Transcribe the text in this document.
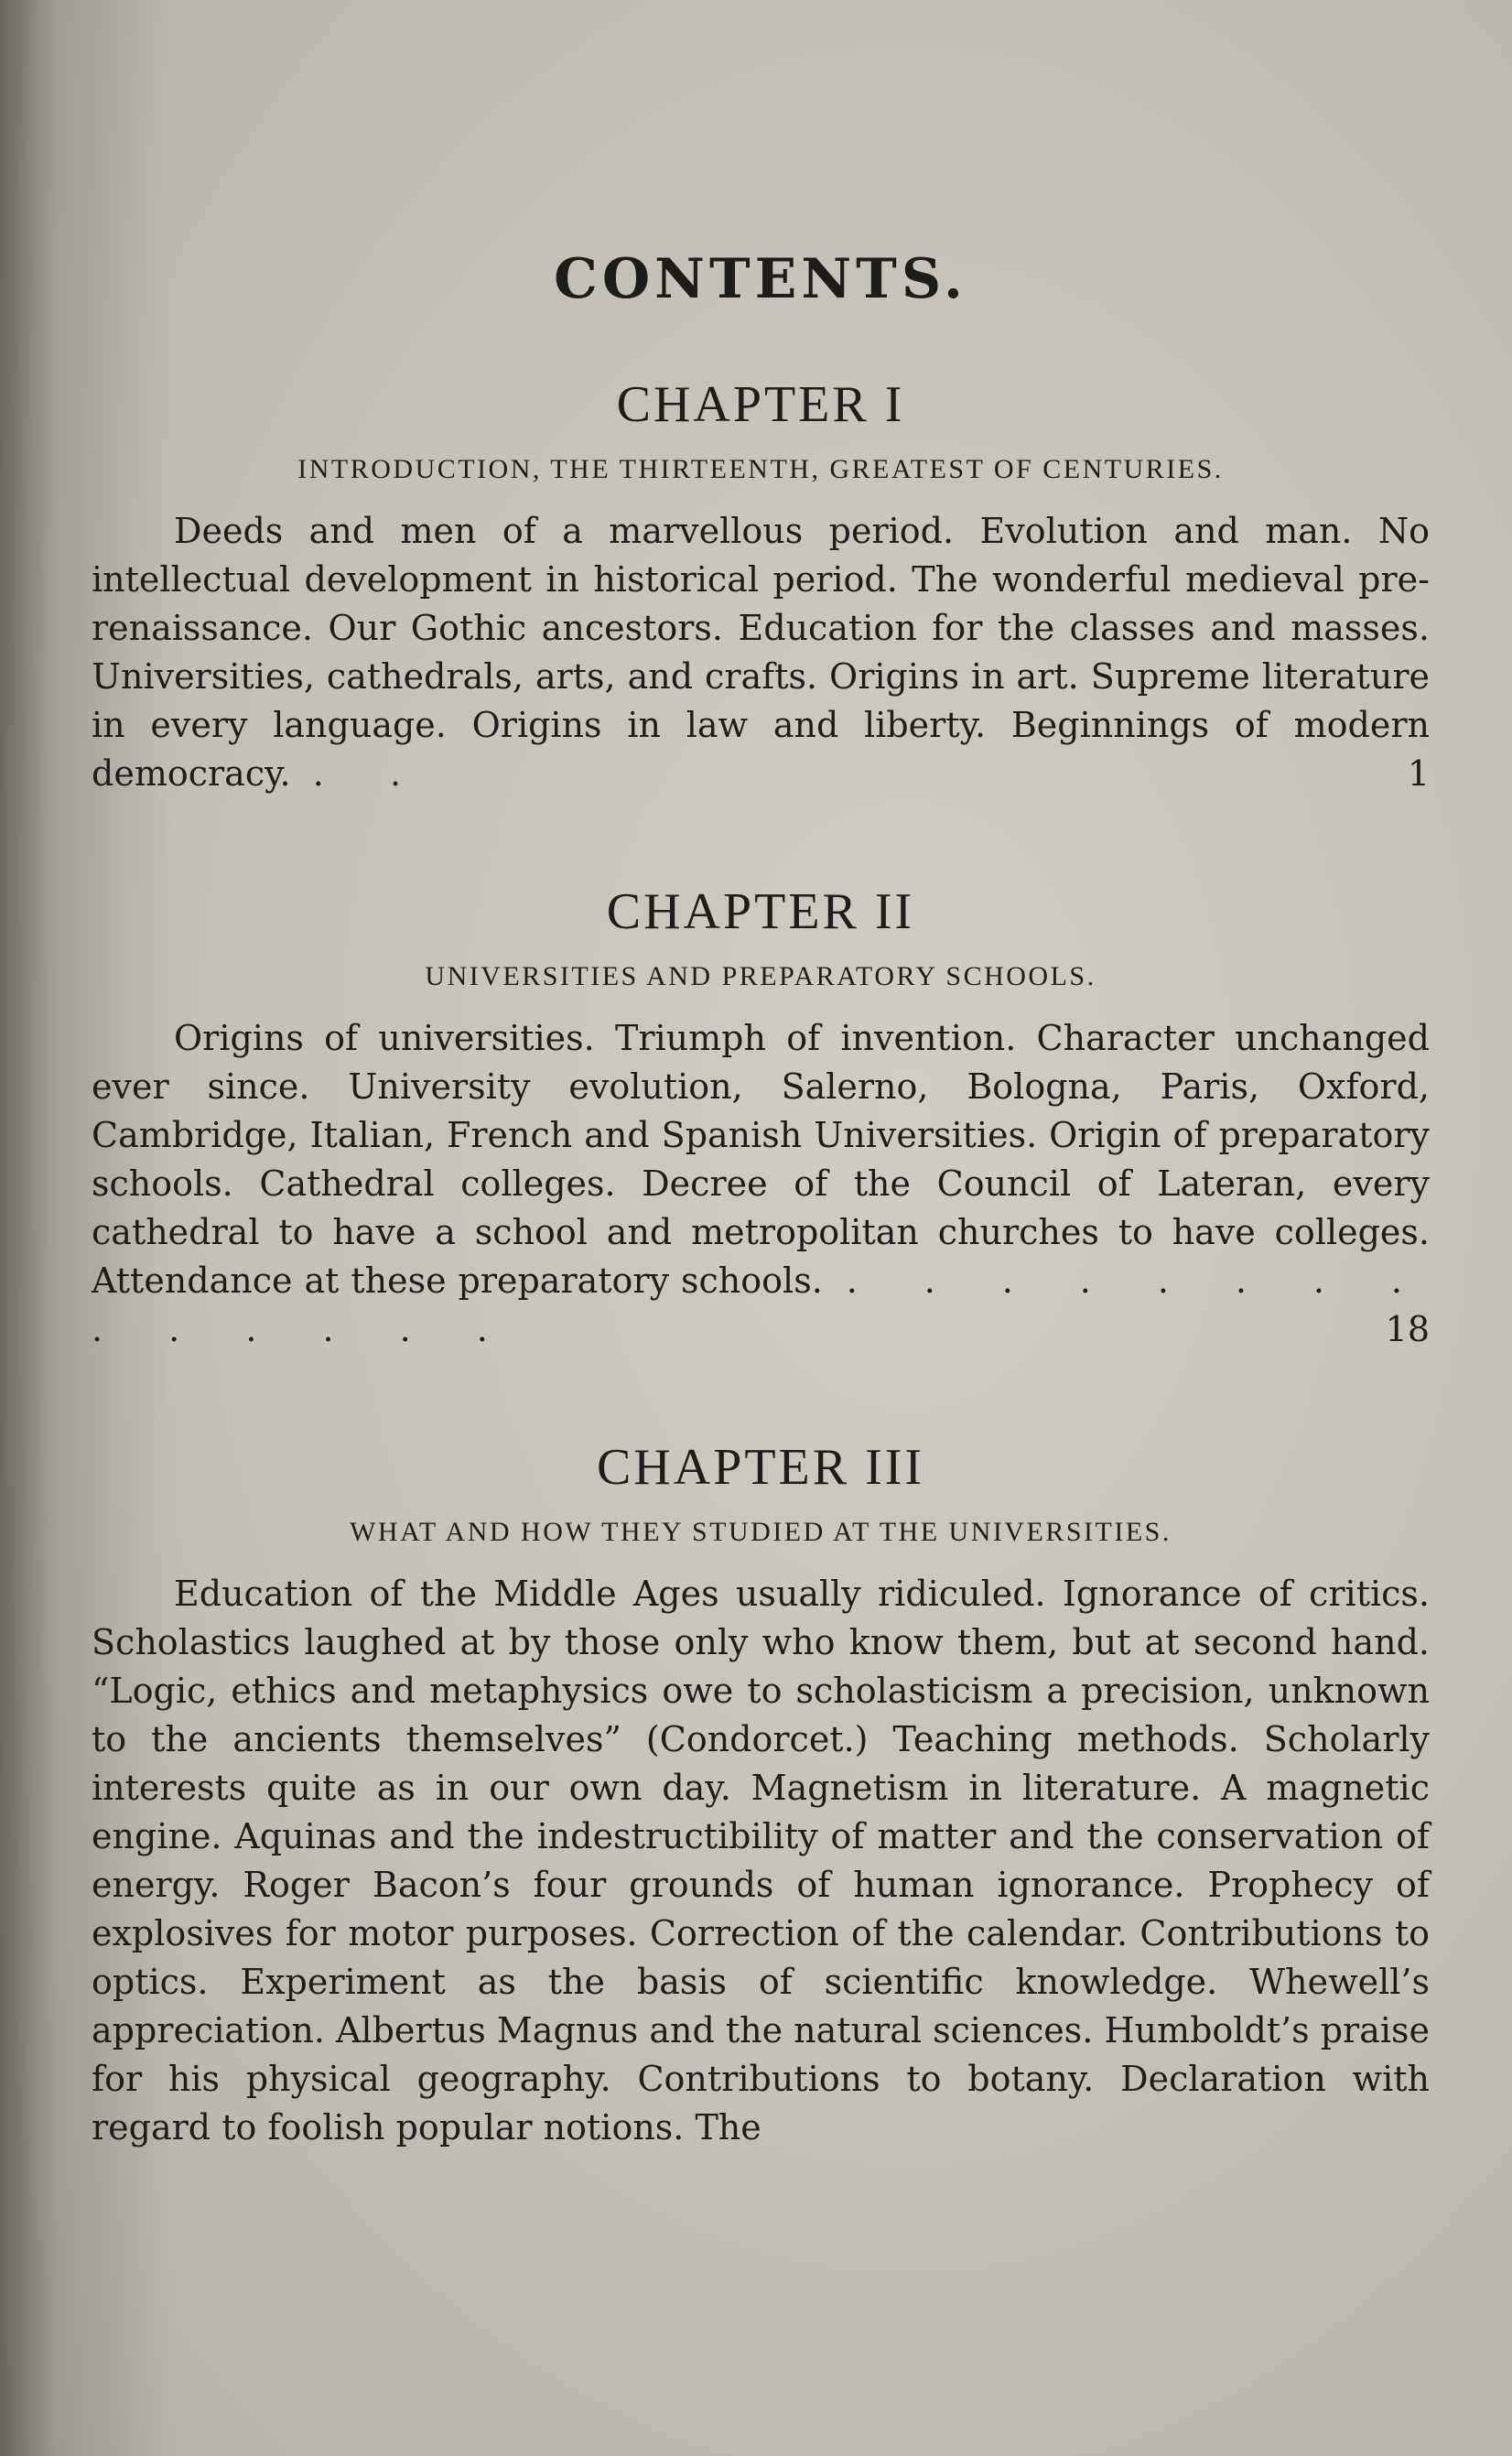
CONTENTS.
CHAPTER I
INTRODUCTION, THE THIRTEENTH, GREATEST OF CENTURIES.

Deeds and men of a marvellous period. Evolution and man. No intellectual development in historical period. The wonderful medieval pre-renaissance. Our Gothic ancestors. Education for the classes and masses. Universities, cathedrals, arts, and crafts. Origins in art. Supreme literature in every language. Origins in law and liberty. Beginnings of modern democracy. . .	1

CHAPTER II
UNIVERSITIES AND PREPARATORY SCHOOLS.

Origins of universities. Triumph of invention. Character unchanged ever since. University evolution, Salerno, Bologna, Paris, Oxford, Cambridge, Italian, French and Spanish Universities. Origin of preparatory schools. Cathedral colleges. Decree of the Council of Lateran, every cathedral to have a school and metropolitan churches to have colleges. Attendance at these preparatory schools. . . . . . . . . . . . . . .	18

CHAPTER III
WHAT AND HOW THEY STUDIED AT THE UNIVERSITIES.

Education of the Middle Ages usually ridiculed. Ignorance of critics. Scholastics laughed at by those only who know them, but at second hand. “Logic, ethics and metaphysics owe to scholasticism a precision, unknown to the ancients themselves” (Condorcet.) Teaching methods. Scholarly interests quite as in our own day. Magnetism in literature. A magnetic engine. Aquinas and the indestructibility of matter and the conservation of energy. Roger Bacon’s four grounds of human ignorance. Prophecy of explosives for motor purposes. Correction of the calendar. Contributions to optics. Experiment as the basis of scientific knowledge. Whewell’s appreciation. Albertus Magnus and the natural sciences. Humboldt’s praise for his physical geography. Contributions to botany. Declaration with regard to foolish popular notions. The
